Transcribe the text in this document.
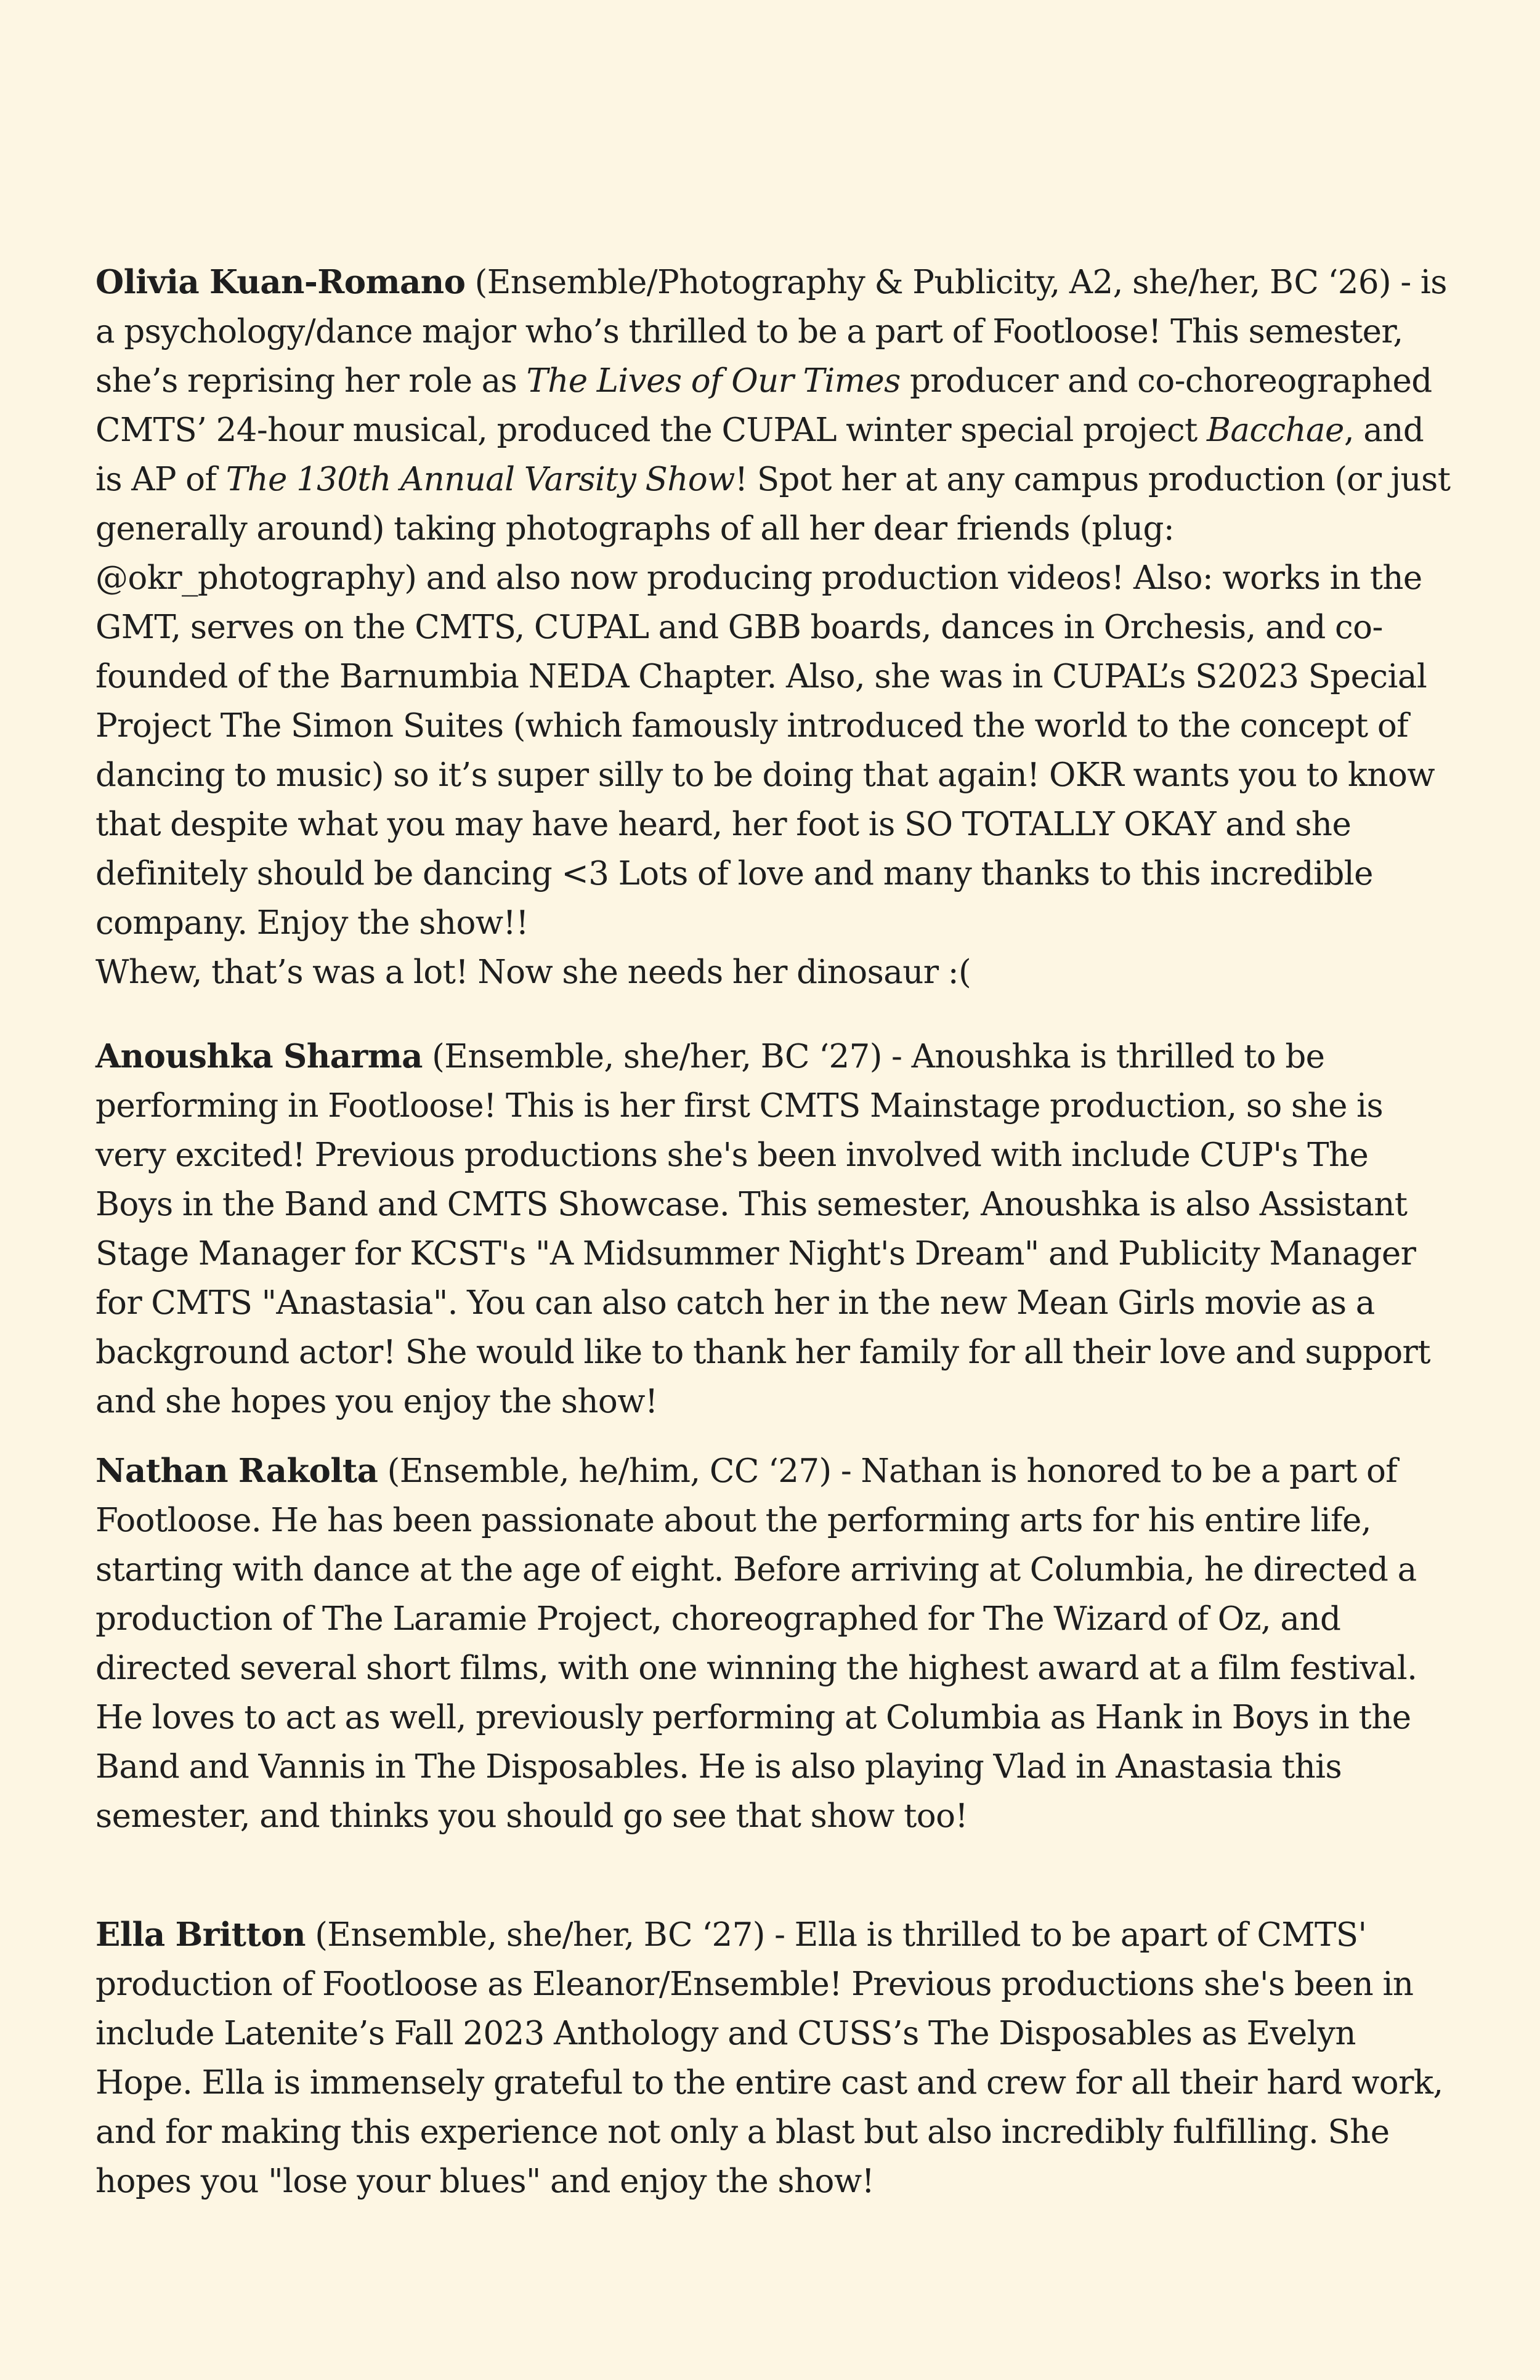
Olivia Kuan-Romano (Ensemble/Photography & Publicity, A2, she/her, BC ‘26) - is a psychology/dance major who’s thrilled to be a part of Footloose! This semester, she’s reprising her role as The Lives of Our Times producer and co-choreographed CMTS’ 24-hour musical, produced the CUPAL winter special project Bacchae, and is AP of The 130th Annual Varsity Show! Spot her at any campus production (or just generally around) taking photographs of all her dear friends (plug: @okr_photography) and also now producing production videos! Also: works in the GMT, serves on the CMTS, CUPAL and GBB boards, dances in Orchesis, and co-founded of the Barnumbia NEDA Chapter. Also, she was in CUPAL’s S2023 Special Project The Simon Suites (which famously introduced the world to the concept of dancing to music) so it’s super silly to be doing that again! OKR wants you to know that despite what you may have heard, her foot is SO TOTALLY OKAY and she definitely should be dancing <3 Lots of love and many thanks to this incredible company. Enjoy the show!!
Whew, that’s was a lot! Now she needs her dinosaur :(

Anoushka Sharma (Ensemble, she/her, BC ‘27) - Anoushka is thrilled to be performing in Footloose! This is her first CMTS Mainstage production, so she is very excited! Previous productions she's been involved with include CUP's The Boys in the Band and CMTS Showcase. This semester, Anoushka is also Assistant Stage Manager for KCST's "A Midsummer Night's Dream" and Publicity Manager for CMTS "Anastasia". You can also catch her in the new Mean Girls movie as a background actor! She would like to thank her family for all their love and support and she hopes you enjoy the show!

Nathan Rakolta (Ensemble, he/him, CC ‘27) - Nathan is honored to be a part of Footloose. He has been passionate about the performing arts for his entire life, starting with dance at the age of eight. Before arriving at Columbia, he directed a production of The Laramie Project, choreographed for The Wizard of Oz, and directed several short films, with one winning the highest award at a film festival. He loves to act as well, previously performing at Columbia as Hank in Boys in the Band and Vannis in The Disposables. He is also playing Vlad in Anastasia this semester, and thinks you should go see that show too!

Ella Britton (Ensemble, she/her, BC ‘27) - Ella is thrilled to be apart of CMTS' production of Footloose as Eleanor/Ensemble! Previous productions she's been in include Latenite’s Fall 2023 Anthology and CUSS’s The Disposables as Evelyn Hope. Ella is immensely grateful to the entire cast and crew for all their hard work, and for making this experience not only a blast but also incredibly fulfilling. She hopes you "lose your blues" and enjoy the show!
